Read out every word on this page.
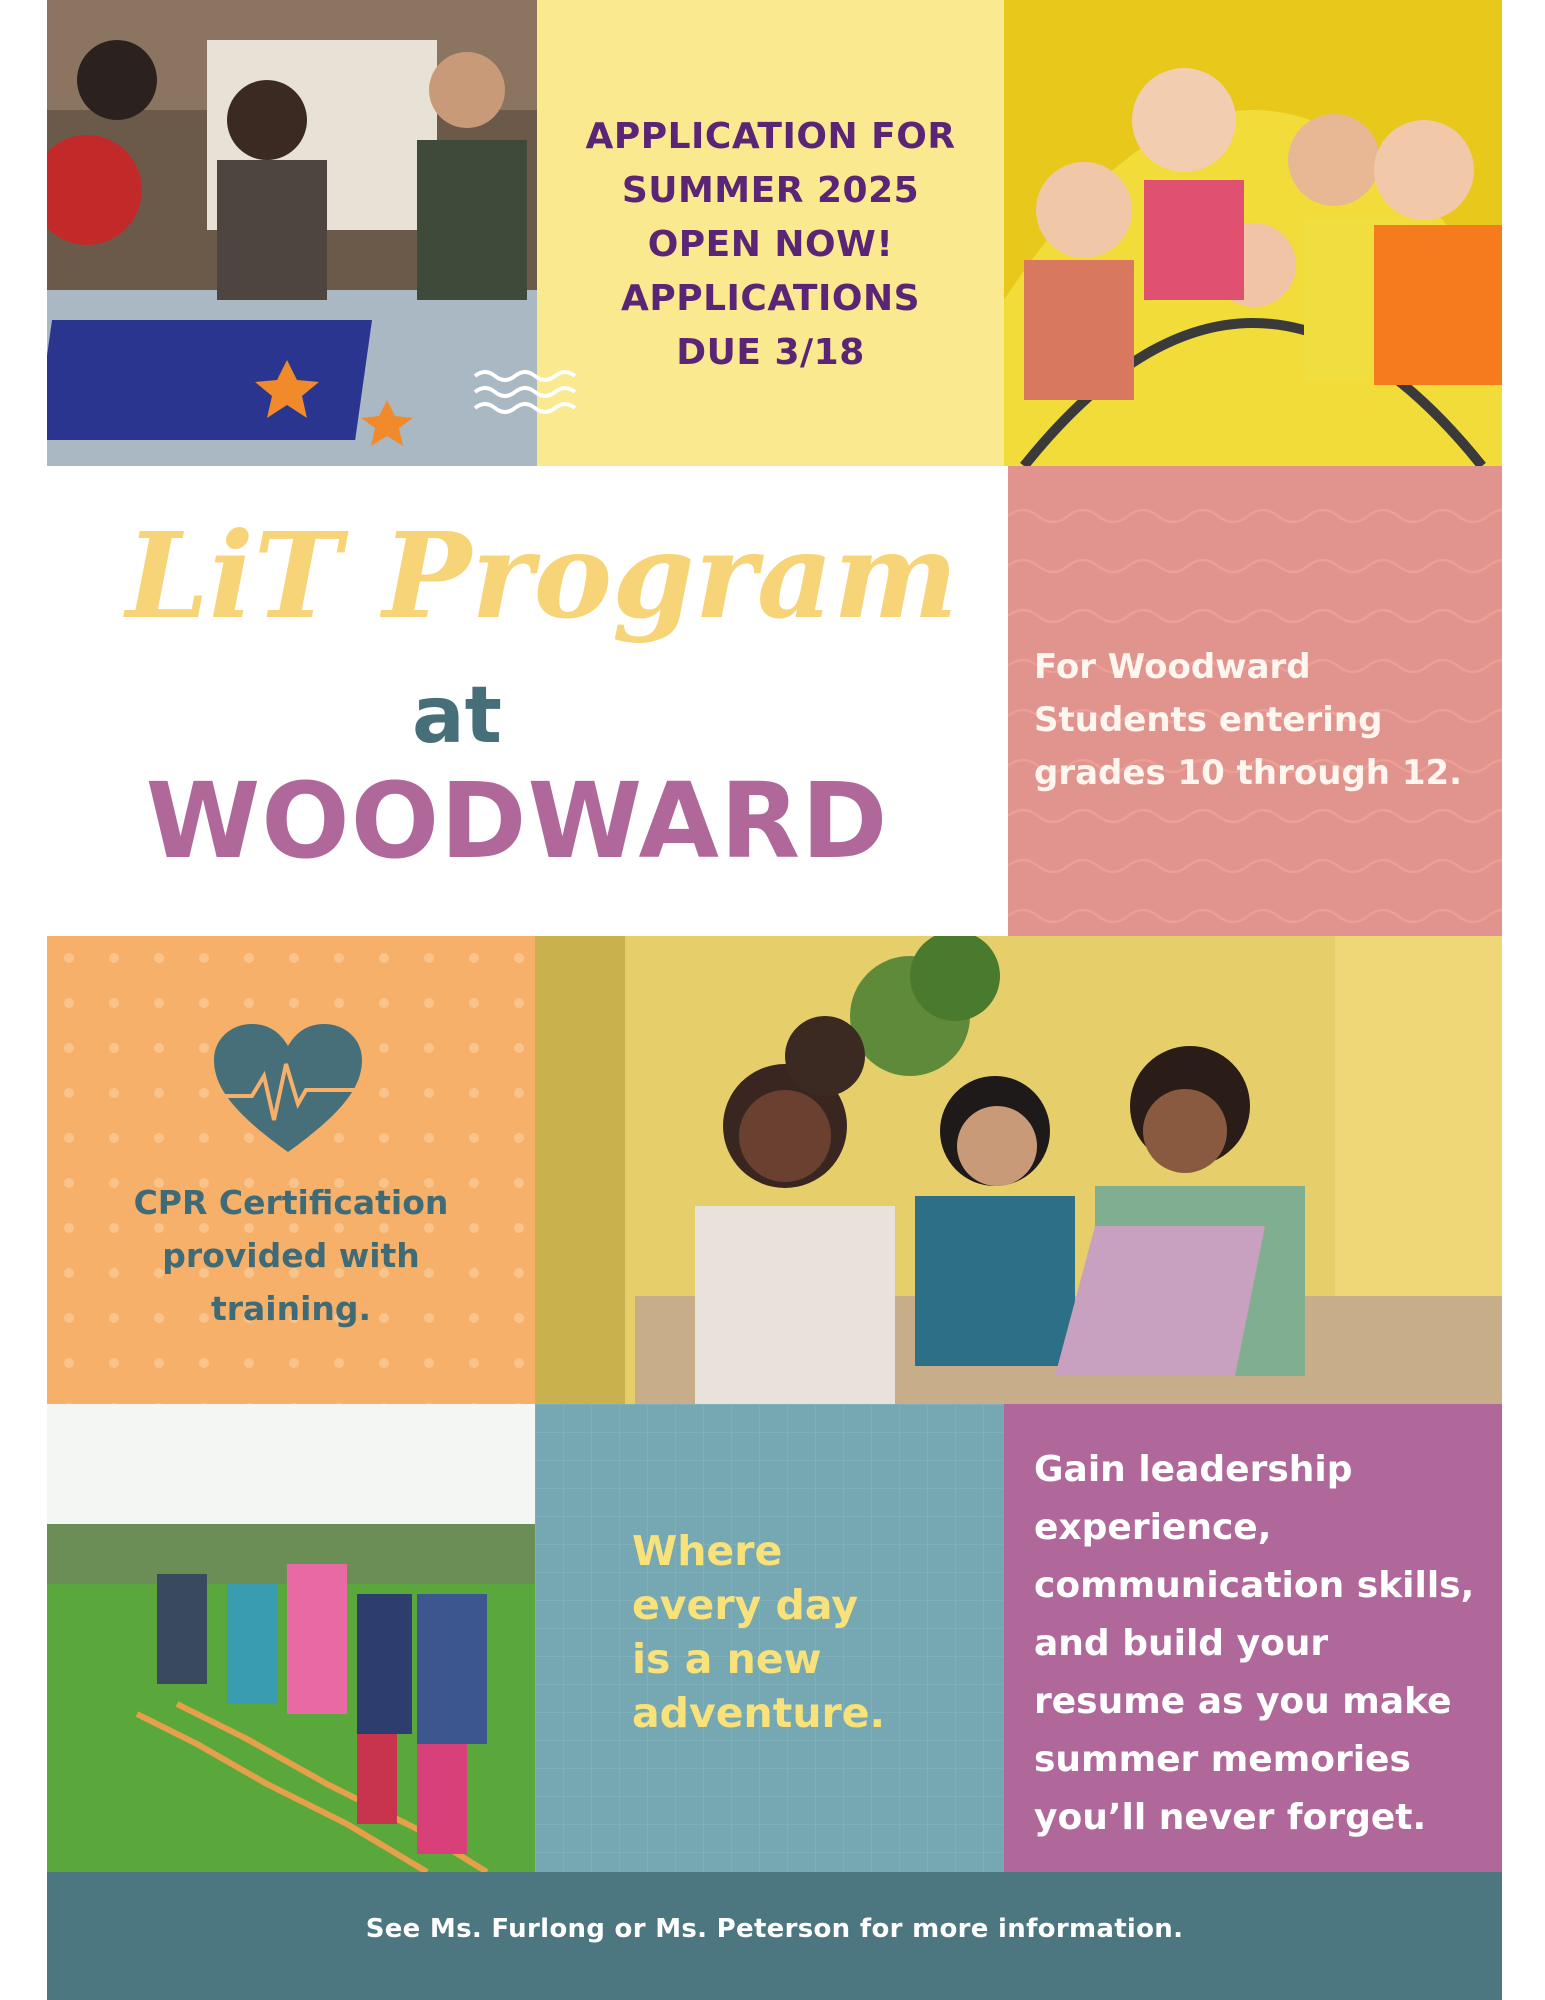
APPLICATION FOR
SUMMER 2025
OPEN NOW!
APPLICATIONS
DUE 3/18
LiT Program
at
WOODWARD
For Woodward
Students entering
grades 10 through 12.
CPR Certification
provided with
training.
Where
every day
is a new
adventure.
Gain leadership
experience,
communication skills,
and build your
resume as you make
summer memories
you’ll never forget.
See Ms. Furlong or Ms. Peterson for more information.
